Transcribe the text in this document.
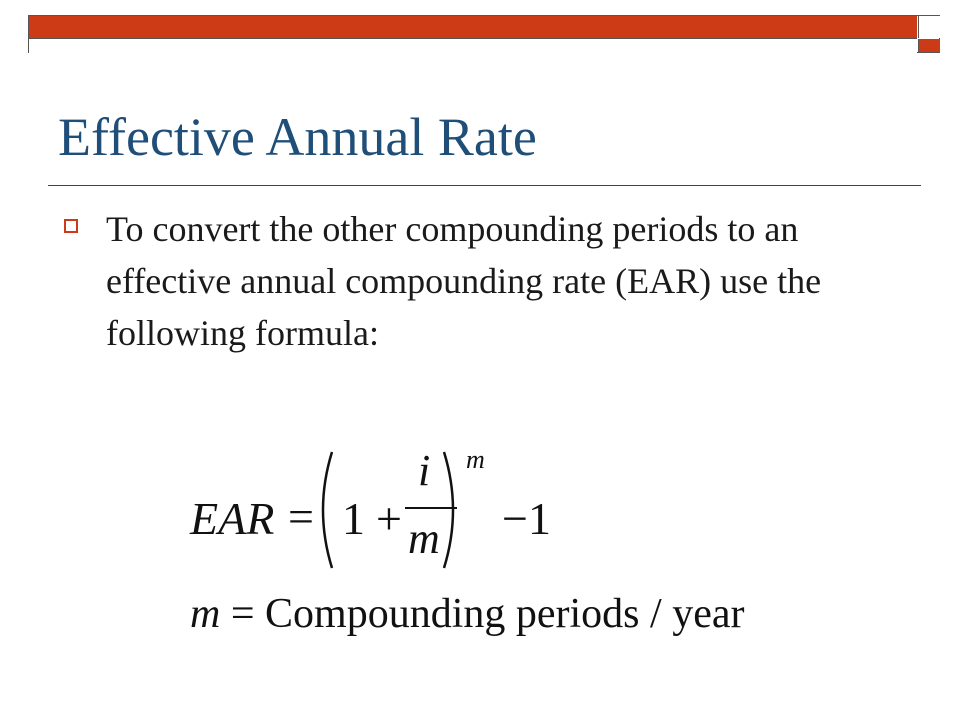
Effective Annual Rate
To convert the other compounding periods to an effective annual compounding rate (EAR) use the following formula:
EAR = 1 +
i
m
m
−1
m = Compounding periods / year
